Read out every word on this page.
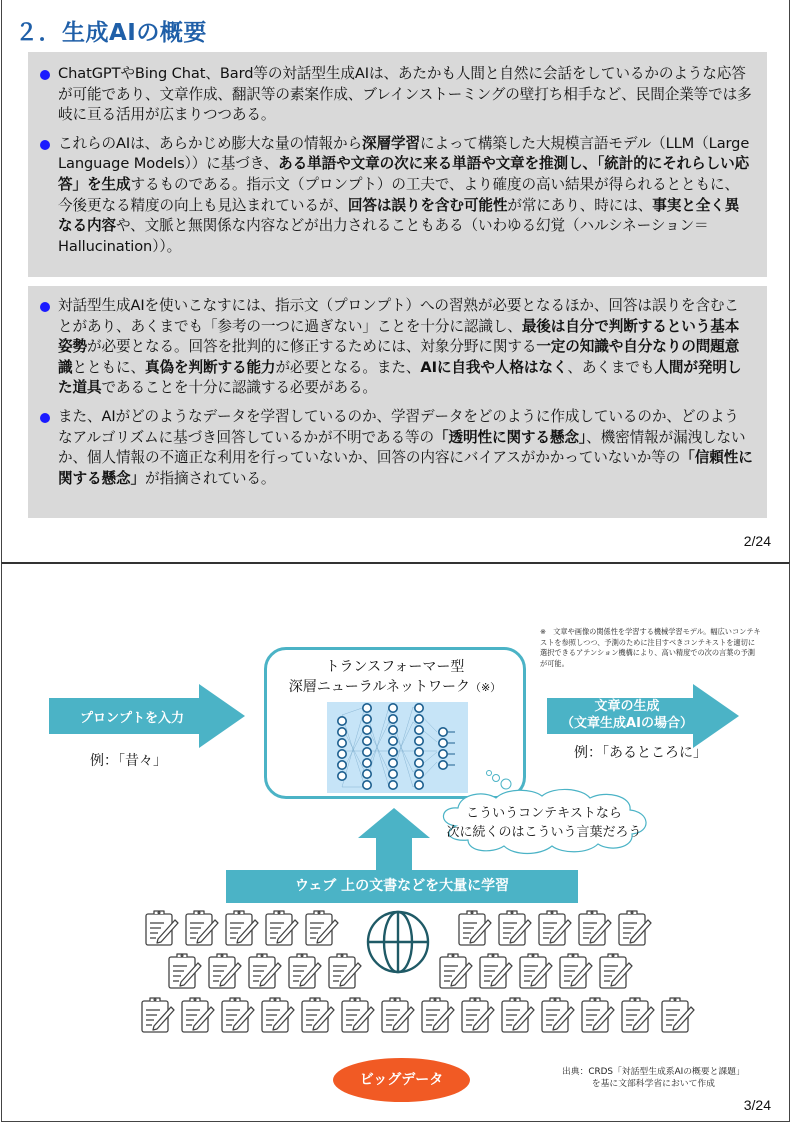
２．生成AIの概要
ChatGPTやBing Chat、Bard等の対話型生成AIは、あたかも人間と自然に会話をしているかのような応答が可能であり、文章作成、翻訳等の素案作成、ブレインストーミングの壁打ち相手など、民間企業等では多岐に亘る活用が広まりつつある。
これらのAIは、あらかじめ膨大な量の情報から深層学習によって構築した大規模言語モデル（LLM（Large Language Models））に基づき、ある単語や文章の次に来る単語や文章を推測し、「統計的にそれらしい応答」を生成するものである。指示文（プロンプト）の工夫で、より確度の高い結果が得られるとともに、今後更なる精度の向上も見込まれているが、回答は誤りを含む可能性が常にあり、時には、事実と全く異なる内容や、文脈と無関係な内容などが出力されることもある（いわゆる幻覚（ハルシネーション＝Hallucination））。
対話型生成AIを使いこなすには、指示文（プロンプト）への習熟が必要となるほか、回答は誤りを含むことがあり、あくまでも「参考の一つに過ぎない」ことを十分に認識し、最後は自分で判断するという基本姿勢が必要となる。回答を批判的に修正するためには、対象分野に関する一定の知識や自分なりの問題意識とともに、真偽を判断する能力が必要となる。また、AIに自我や人格はなく、あくまでも人間が発明した道具であることを十分に認識する必要がある。
また、AIがどのようなデータを学習しているのか、学習データをどのように作成しているのか、どのようなアルゴリズムに基づき回答しているかが不明である等の「透明性に関する懸念」、機密情報が漏洩しないか、個人情報の不適正な利用を行っていないか、回答の内容にバイアスがかかっていないか等の「信頼性に関する懸念」が指摘されている。
2/24
※　文章や画像の関係性を学習する機械学習モデル。幅広いコンテキストを参照しつつ、予測のために注目すべきコンテキストを適切に選択できるアテンション機構により、高い精度での次の言葉の予測が可能。
プロンプトを入力
例：「昔々」
トランスフォーマー型
深層ニューラルネットワーク（※）
文章の生成
（文章生成AIの場合）
例：「あるところに」
こういうコンテキストなら
次に続くのはこういう言葉だろう
ウェブ 上の文書などを大量に学習
ビッグデータ	出典：CRDS「対話型生成系AIの概要と課題」
を基に文部科学省において作成
3/24
